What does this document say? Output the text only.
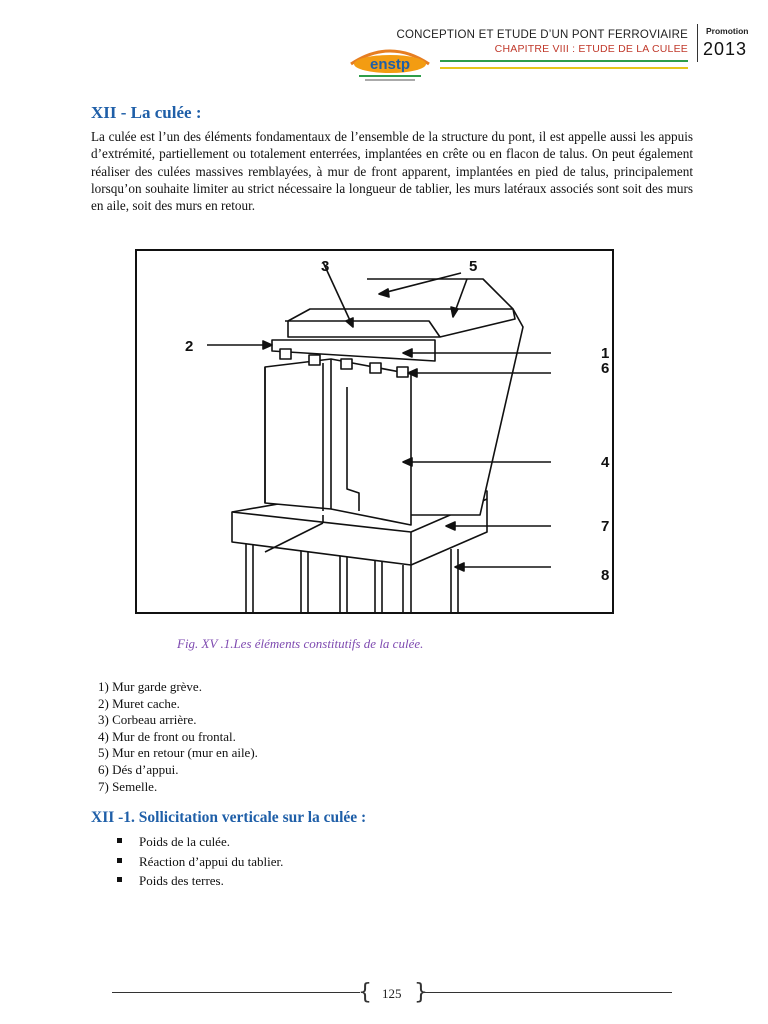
CONCEPTION ET ETUDE D’UN PONT FERROVIAIRE
CHAPITRE VIII : ETUDE DE LA CULEE
Promotion
2013
enstp
XII - La culée :
La culée est l’un des éléments fondamentaux de l’ensemble de la structure du pont, il est appelle aussi les appuis d’extrémité, partiellement ou totalement enterrées, implantées en crête ou en flacon de talus. On peut également réaliser des culées massives remblayées, à mur de front apparent, implantées en pied de talus, principalement lorsqu’on souhaite limiter au strict nécessaire la longueur de tablier, les murs latéraux associés sont soit des murs en aile, soit des murs en retour.
3	5
2	1
6
4
7
8
Fig. XV .1.Les éléments constitutifs de la culée.
1) Mur garde grève.
2) Muret cache.
3) Corbeau arrière.
4) Mur de front ou frontal.
5) Mur en retour (mur en aile).
6) Dés d’appui.
7) Semelle.
XII -1. Sollicitation verticale sur la culée :
Poids de la culée.
Réaction d’appui du tablier.
Poids des terres.
{ }
125
